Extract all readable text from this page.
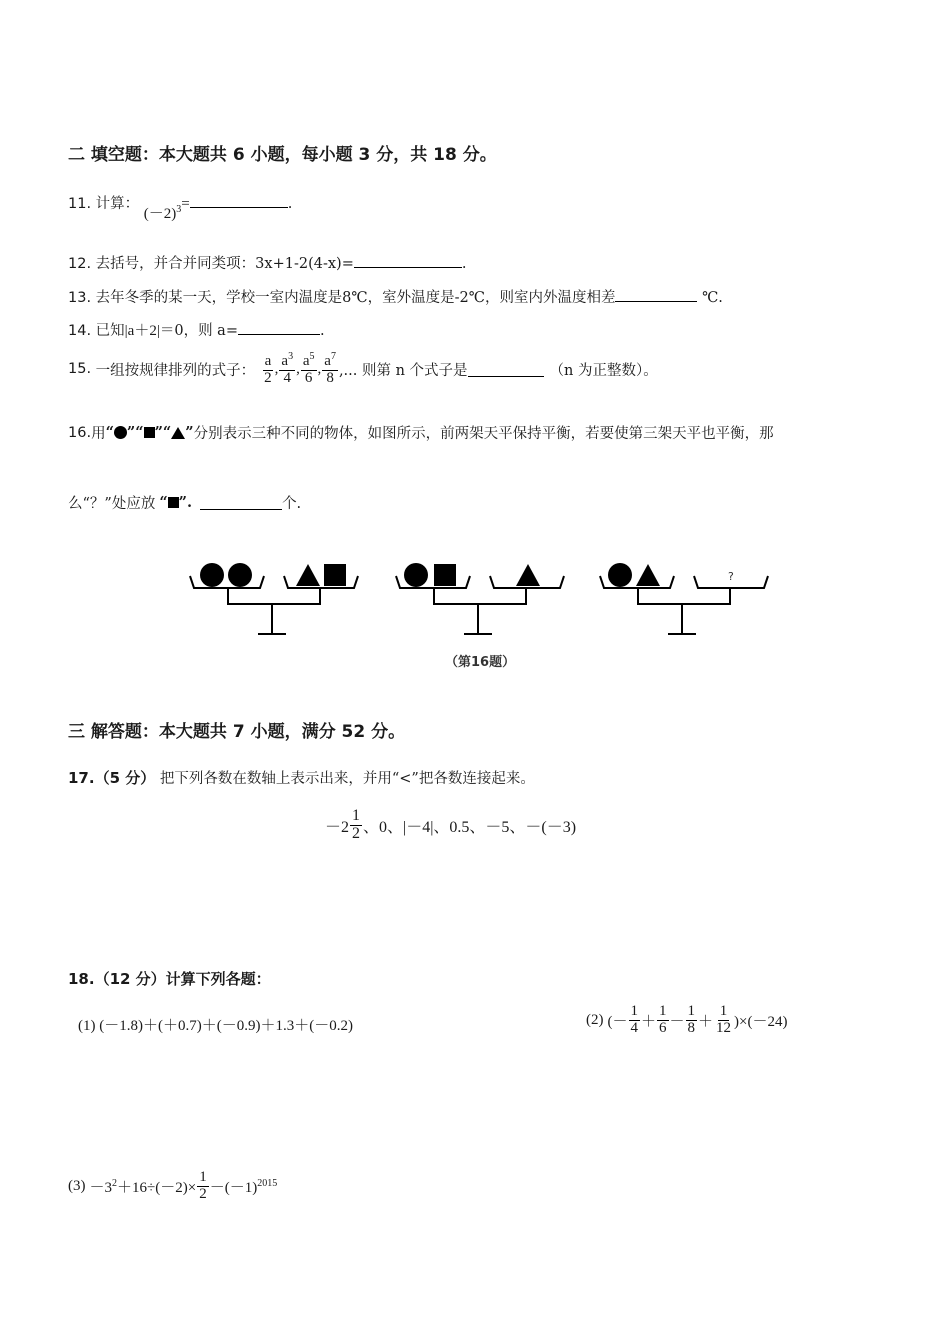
二 填空题：本大题共 6 小题，每小题 3 分，共 18 分。
11. 计算： $(-2)^3=$	.
12. 去括号，并合并同类项：3x+1-2(4-x)=	.
13. 去年冬季的某一天，学校一室内温度是8℃，室外温度是-2℃，则室内外温度相差	℃.
14. 已知|a＋2|＝0，则 a=	.
15.
一组按规律排列的式子： $\frac{a}{2}$ , $\frac{a^3}{4}$ , $\frac{a^5}{6}$ , $\frac{a^7}{8}$ ,... 则第 n 个式子是	（n 为正整数）。
16. 用 “ ”“ ”“ ” 分别表示三种不同的物体，如图所示，前两架天平保持平衡，若要使第三架天平也平衡，那
么“？”处应放 “ ”.	个.
?
（第16题）
三 解答题：本大题共 7 小题，满分 52 分。
17.（5 分） 把下列各数在数轴上表示出来，并用“<”把各数连接起来。
$-2 \frac{1}{2}$ 、0、|－4|、0.5、－5、－(－3)
18.（12 分）计算下列各题：
(1) (－1.8)＋(＋0.7)＋(－0.9)＋1.3＋(－0.2)	(2) (－ $\frac{1}{4} + \frac{1}{6} - \frac{1}{8} + \frac{1}{12} )\times(-24)$
$(3) -3^2 +16\div(-2)\times \frac{1}{2} -(-1)^{2015}$
